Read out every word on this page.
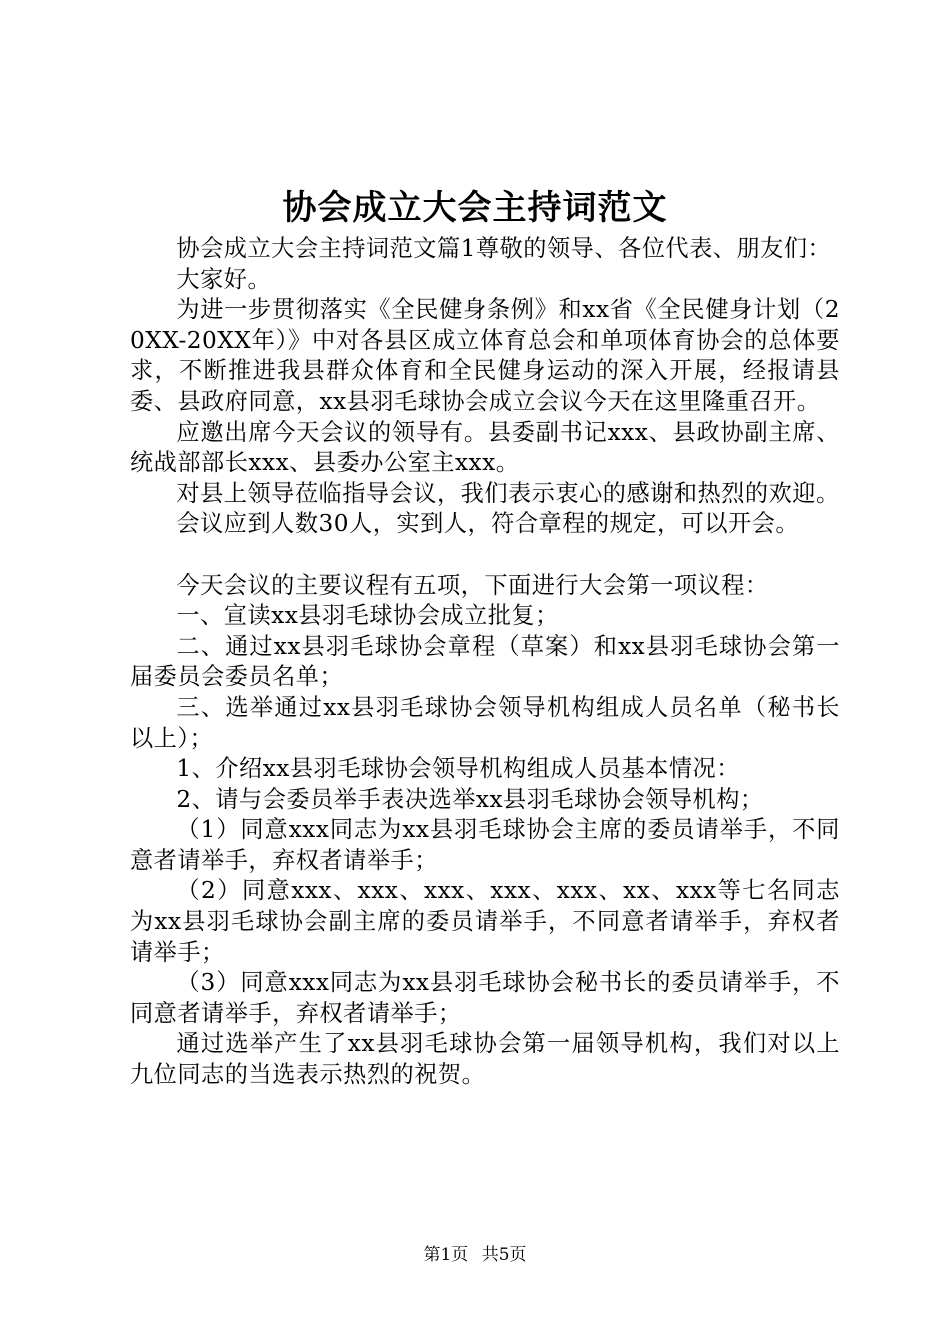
协会成立大会主持词范文

协会成立大会主持词范文篇1尊敬的领导、各位代表、朋友们：

大家好。

为进一步贯彻落实《全民健身条例》和xx省《全民健身计划（20XX-20XX年）》中对各县区成立体育总会和单项体育协会的总体要求，不断推进我县群众体育和全民健身运动的深入开展，经报请县委、县政府同意，xx县羽毛球协会成立会议今天在这里隆重召开。

应邀出席今天会议的领导有。县委副书记xxx、县政协副主席、统战部部长xxx、县委办公室主xxx。

对县上领导莅临指导会议，我们表示衷心的感谢和热烈的欢迎。

会议应到人数30人，实到人，符合章程的规定，可以开会。

今天会议的主要议程有五项，下面进行大会第一项议程：

一、宣读xx县羽毛球协会成立批复；

二、通过xx县羽毛球协会章程（草案）和xx县羽毛球协会第一届委员会委员名单；

三、选举通过xx县羽毛球协会领导机构组成人员名单（秘书长以上）；

1、介绍xx县羽毛球协会领导机构组成人员基本情况：

2、请与会委员举手表决选举xx县羽毛球协会领导机构；

（1）同意xxx同志为xx县羽毛球协会主席的委员请举手，不同意者请举手，弃权者请举手；

（2）同意xxx、xxx、xxx、xxx、xxx、xx、xxx等七名同志为xx县羽毛球协会副主席的委员请举手，不同意者请举手，弃权者请举手；

（3）同意xxx同志为xx县羽毛球协会秘书长的委员请举手，不同意者请举手，弃权者请举手；

通过选举产生了xx县羽毛球协会第一届领导机构，我们对以上九位同志的当选表示热烈的祝贺。

第1页 共5页
